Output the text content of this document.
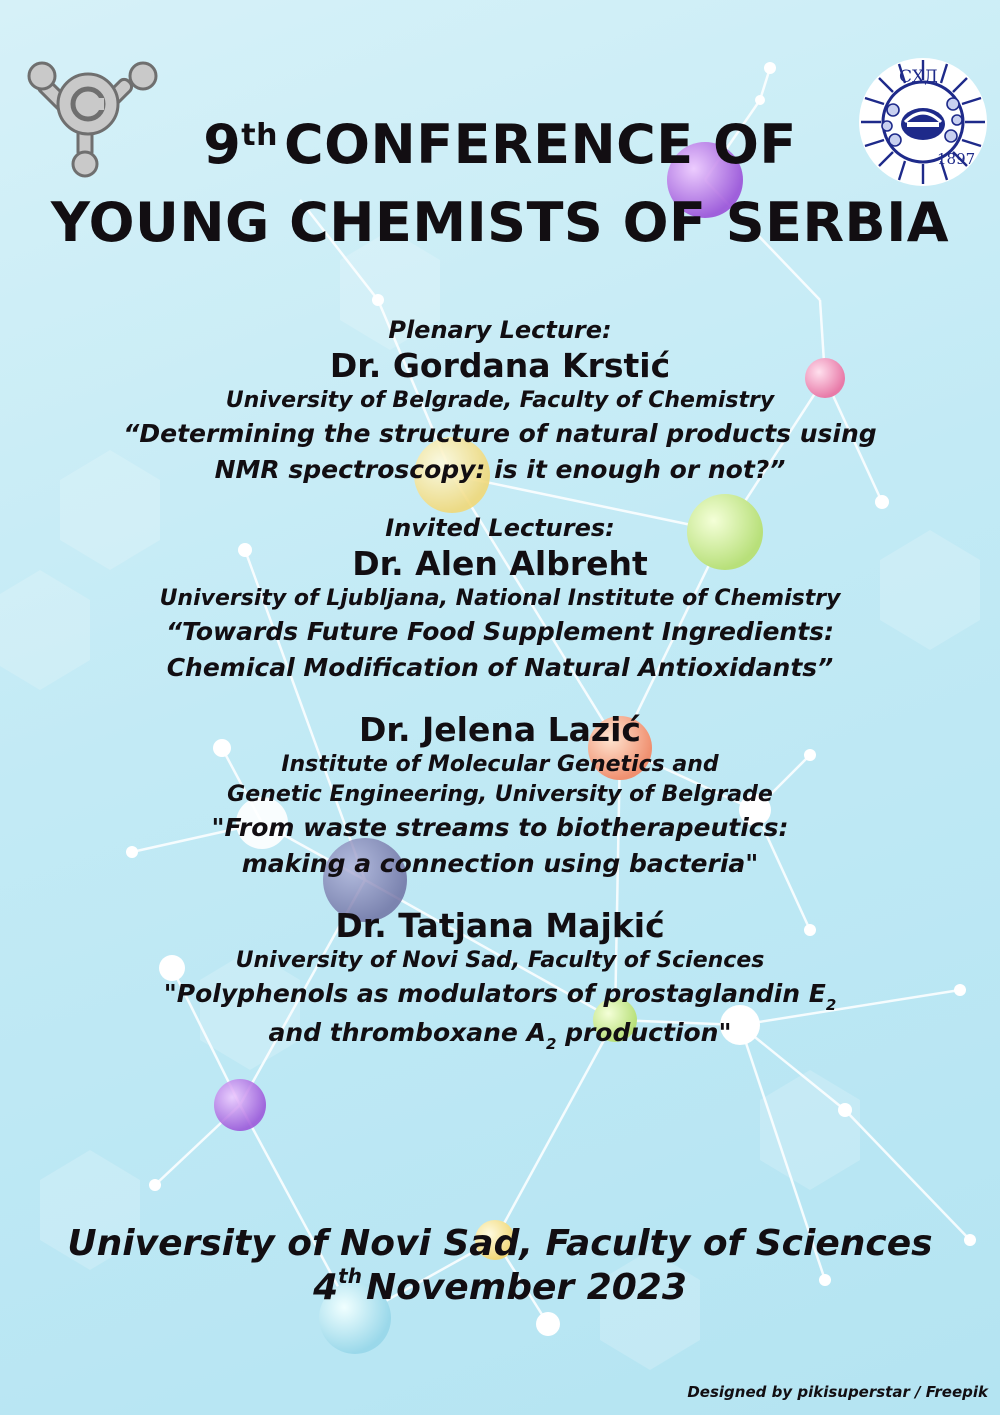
СХД
1897
9th CONFERENCE OF
YOUNG CHEMISTS OF SERBIA

Plenary Lecture:

Dr. Gordana Krstić

University of Belgrade, Faculty of Chemistry

“Determining the structure of natural products using

NMR spectroscopy: is it enough or not?”

Invited Lectures:

Dr. Alen Albreht

University of Ljubljana, National Institute of Chemistry

“Towards Future Food Supplement Ingredients:

Chemical Modification of Natural Antioxidants”

Dr. Jelena Lazić

Institute of Molecular Genetics and

Genetic Engineering, University of Belgrade

"From waste streams to biotherapeutics:

making a connection using bacteria"

Dr. Tatjana Majkić

University of Novi Sad, Faculty of Sciences

"Polyphenols as modulators of prostaglandin $E_2$

and thromboxane $A_2$ production"

University of Novi Sad, Faculty of Sciences
4th November 2023
Designed by pikisuperstar / Freepik
